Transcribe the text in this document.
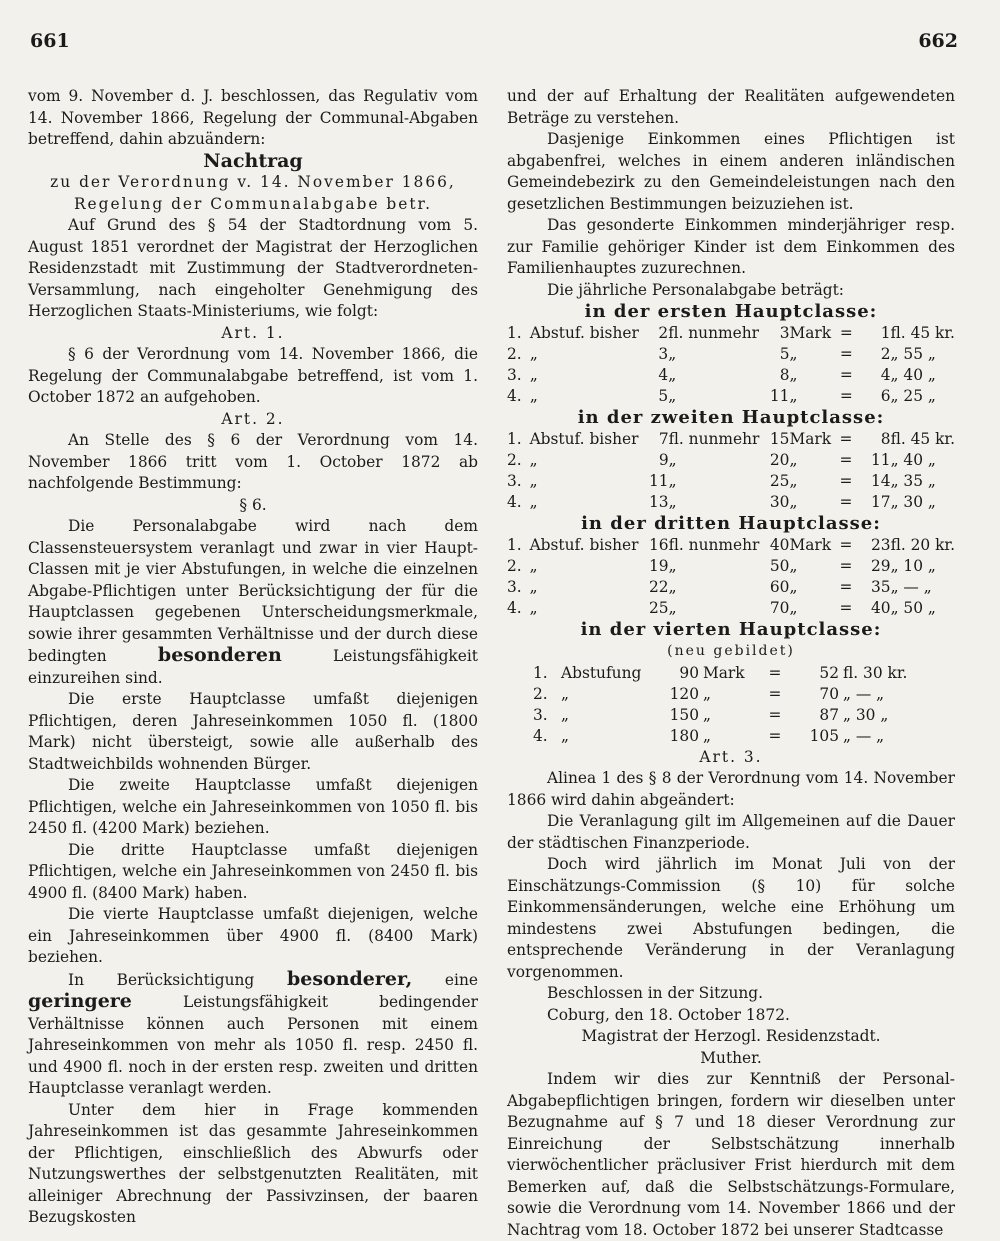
661	662

vom 9. November d. J. beschlossen, das Regulativ vom 14. November 1866, Regelung der Communal-Abgaben betreffend, dahin abzuändern:

Nachtrag

zu der Verordnung v. 14. November 1866,

Regelung der Communalabgabe betr.

Auf Grund des § 54 der Stadtordnung vom 5. August 1851 verordnet der Magistrat der Herzoglichen Residenzstadt mit Zustimmung der Stadtverordneten-Versammlung, nach eingeholter Genehmigung des Herzoglichen Staats-Ministeriums, wie folgt:

Art. 1.

§ 6 der Verordnung vom 14. November 1866, die Regelung der Communalabgabe betreffend, ist vom 1. October 1872 an aufgehoben.

Art. 2.

An Stelle des § 6 der Verordnung vom 14. November 1866 tritt vom 1. October 1872 ab nachfolgende Bestimmung:

§ 6.

Die Personalabgabe wird nach dem Classensteuersystem veranlagt und zwar in vier Haupt-Classen mit je vier Abstufungen, in welche die einzelnen Abgabe-Pflichtigen unter Berücksichtigung der für die Hauptclassen gegebenen Unterscheidungsmerkmale, sowie ihrer gesammten Verhältnisse und der durch diese bedingten	besonderen	Leistungsfähigkeit einzureihen sind.

Die erste Hauptclasse umfaßt diejenigen Pflichtigen, deren Jahreseinkommen 1050 fl. (1800 Mark) nicht übersteigt, sowie alle außerhalb des Stadtweichbilds wohnenden Bürger.

Die zweite Hauptclasse umfaßt diejenigen Pflichtigen, welche ein Jahreseinkommen von 1050 fl. bis 2450 fl. (4200 Mark) beziehen.

Die dritte Hauptclasse umfaßt diejenigen Pflichtigen, welche ein Jahreseinkommen von 2450 fl. bis 4900 fl. (8400 Mark) haben.

Die vierte Hauptclasse umfaßt diejenigen, welche ein Jahreseinkommen über 4900 fl. (8400 Mark) beziehen.

In Berücksichtigung besonderer, eine geringere	Leistungsfähigkeit bedingender Verhältnisse können auch Personen mit einem Jahreseinkommen von mehr als 1050 fl. resp. 2450 fl. und 4900 fl. noch in der ersten resp. zweiten und dritten Hauptclasse veranlagt werden.

Unter dem hier in Frage kommenden Jahreseinkommen ist das gesammte Jahreseinkommen der Pflichtigen, einschließlich des Abwurfs oder Nutzungswerthes der selbstgenutzten Realitäten, mit alleiniger Abrechnung der Passivzinsen, der baaren Bezugskosten

und der auf Erhaltung der Realitäten aufgewendeten Beträge zu verstehen.

Dasjenige Einkommen eines Pflichtigen ist abgabenfrei, welches in einem anderen inländischen Gemeindebezirk zu den Gemeindeleistungen nach den gesetzlichen Bestimmungen beizuziehen ist.

Das gesonderte Einkommen minderjähriger resp. zur Familie gehöriger Kinder ist dem Einkommen des Familienhauptes zuzurechnen.

Die jährliche Personalabgabe beträgt:

in der ersten Hauptclasse:

1.	Abstuf. bisher	2	fl. nunmehr	3	Mark	=	1	fl. 45 kr.
2.	„	3	„	5	„	=	2	„ 55 „
3.	„	4	„	8	„	=	4	„ 40 „
4.	„	5	„	11	„	=	6	„ 25 „

in der zweiten Hauptclasse:

1.	Abstuf. bisher	7	fl. nunmehr	15	Mark	=	8	fl. 45 kr.
2.	„	9	„	20	„	=	11	„ 40 „
3.	„	11	„	25	„	=	14	„ 35 „
4.	„	13	„	30	„	=	17	„ 30 „

in der dritten Hauptclasse:

1.	Abstuf. bisher	16	fl. nunmehr	40	Mark	=	23	fl. 20 kr.
2.	„	19	„	50	„	=	29	„ 10 „
3.	„	22	„	60	„	=	35	„ — „
4.	„	25	„	70	„	=	40	„ 50 „

in der vierten Hauptclasse:

(neu gebildet)

1.	Abstufung	90	Mark	=	52	fl. 30 kr.
2.	„	120	„	=	70	„ — „
3.	„	150	„	=	87	„ 30 „
4.	„	180	„	=	105	„ — „

Art. 3.

Alinea 1 des § 8 der Verordnung vom 14. November 1866 wird dahin abgeändert:

Die Veranlagung gilt im Allgemeinen auf die Dauer der städtischen Finanzperiode.

Doch wird jährlich im Monat Juli von der Einschätzungs-Commission (§ 10) für solche Einkommensänderungen, welche eine Erhöhung um mindestens zwei Abstufungen bedingen, die entsprechende Veränderung in der Veranlagung vorgenommen.

Beschlossen in der Sitzung.

Coburg, den 18. October 1872.

Magistrat der Herzogl. Residenzstadt.

Muther.

Indem wir dies zur Kenntniß der Personal-Abgabepflichtigen bringen, fordern wir dieselben unter Bezugnahme auf § 7 und 18 dieser Verordnung zur Einreichung der Selbstschätzung innerhalb vierwöchentlicher präclusiver Frist hierdurch mit dem Bemerken auf, daß die Selbstschätzungs-Formulare, sowie die Verordnung vom 14. November 1866 und der Nachtrag vom 18. October 1872 bei unserer Stadtcasse
